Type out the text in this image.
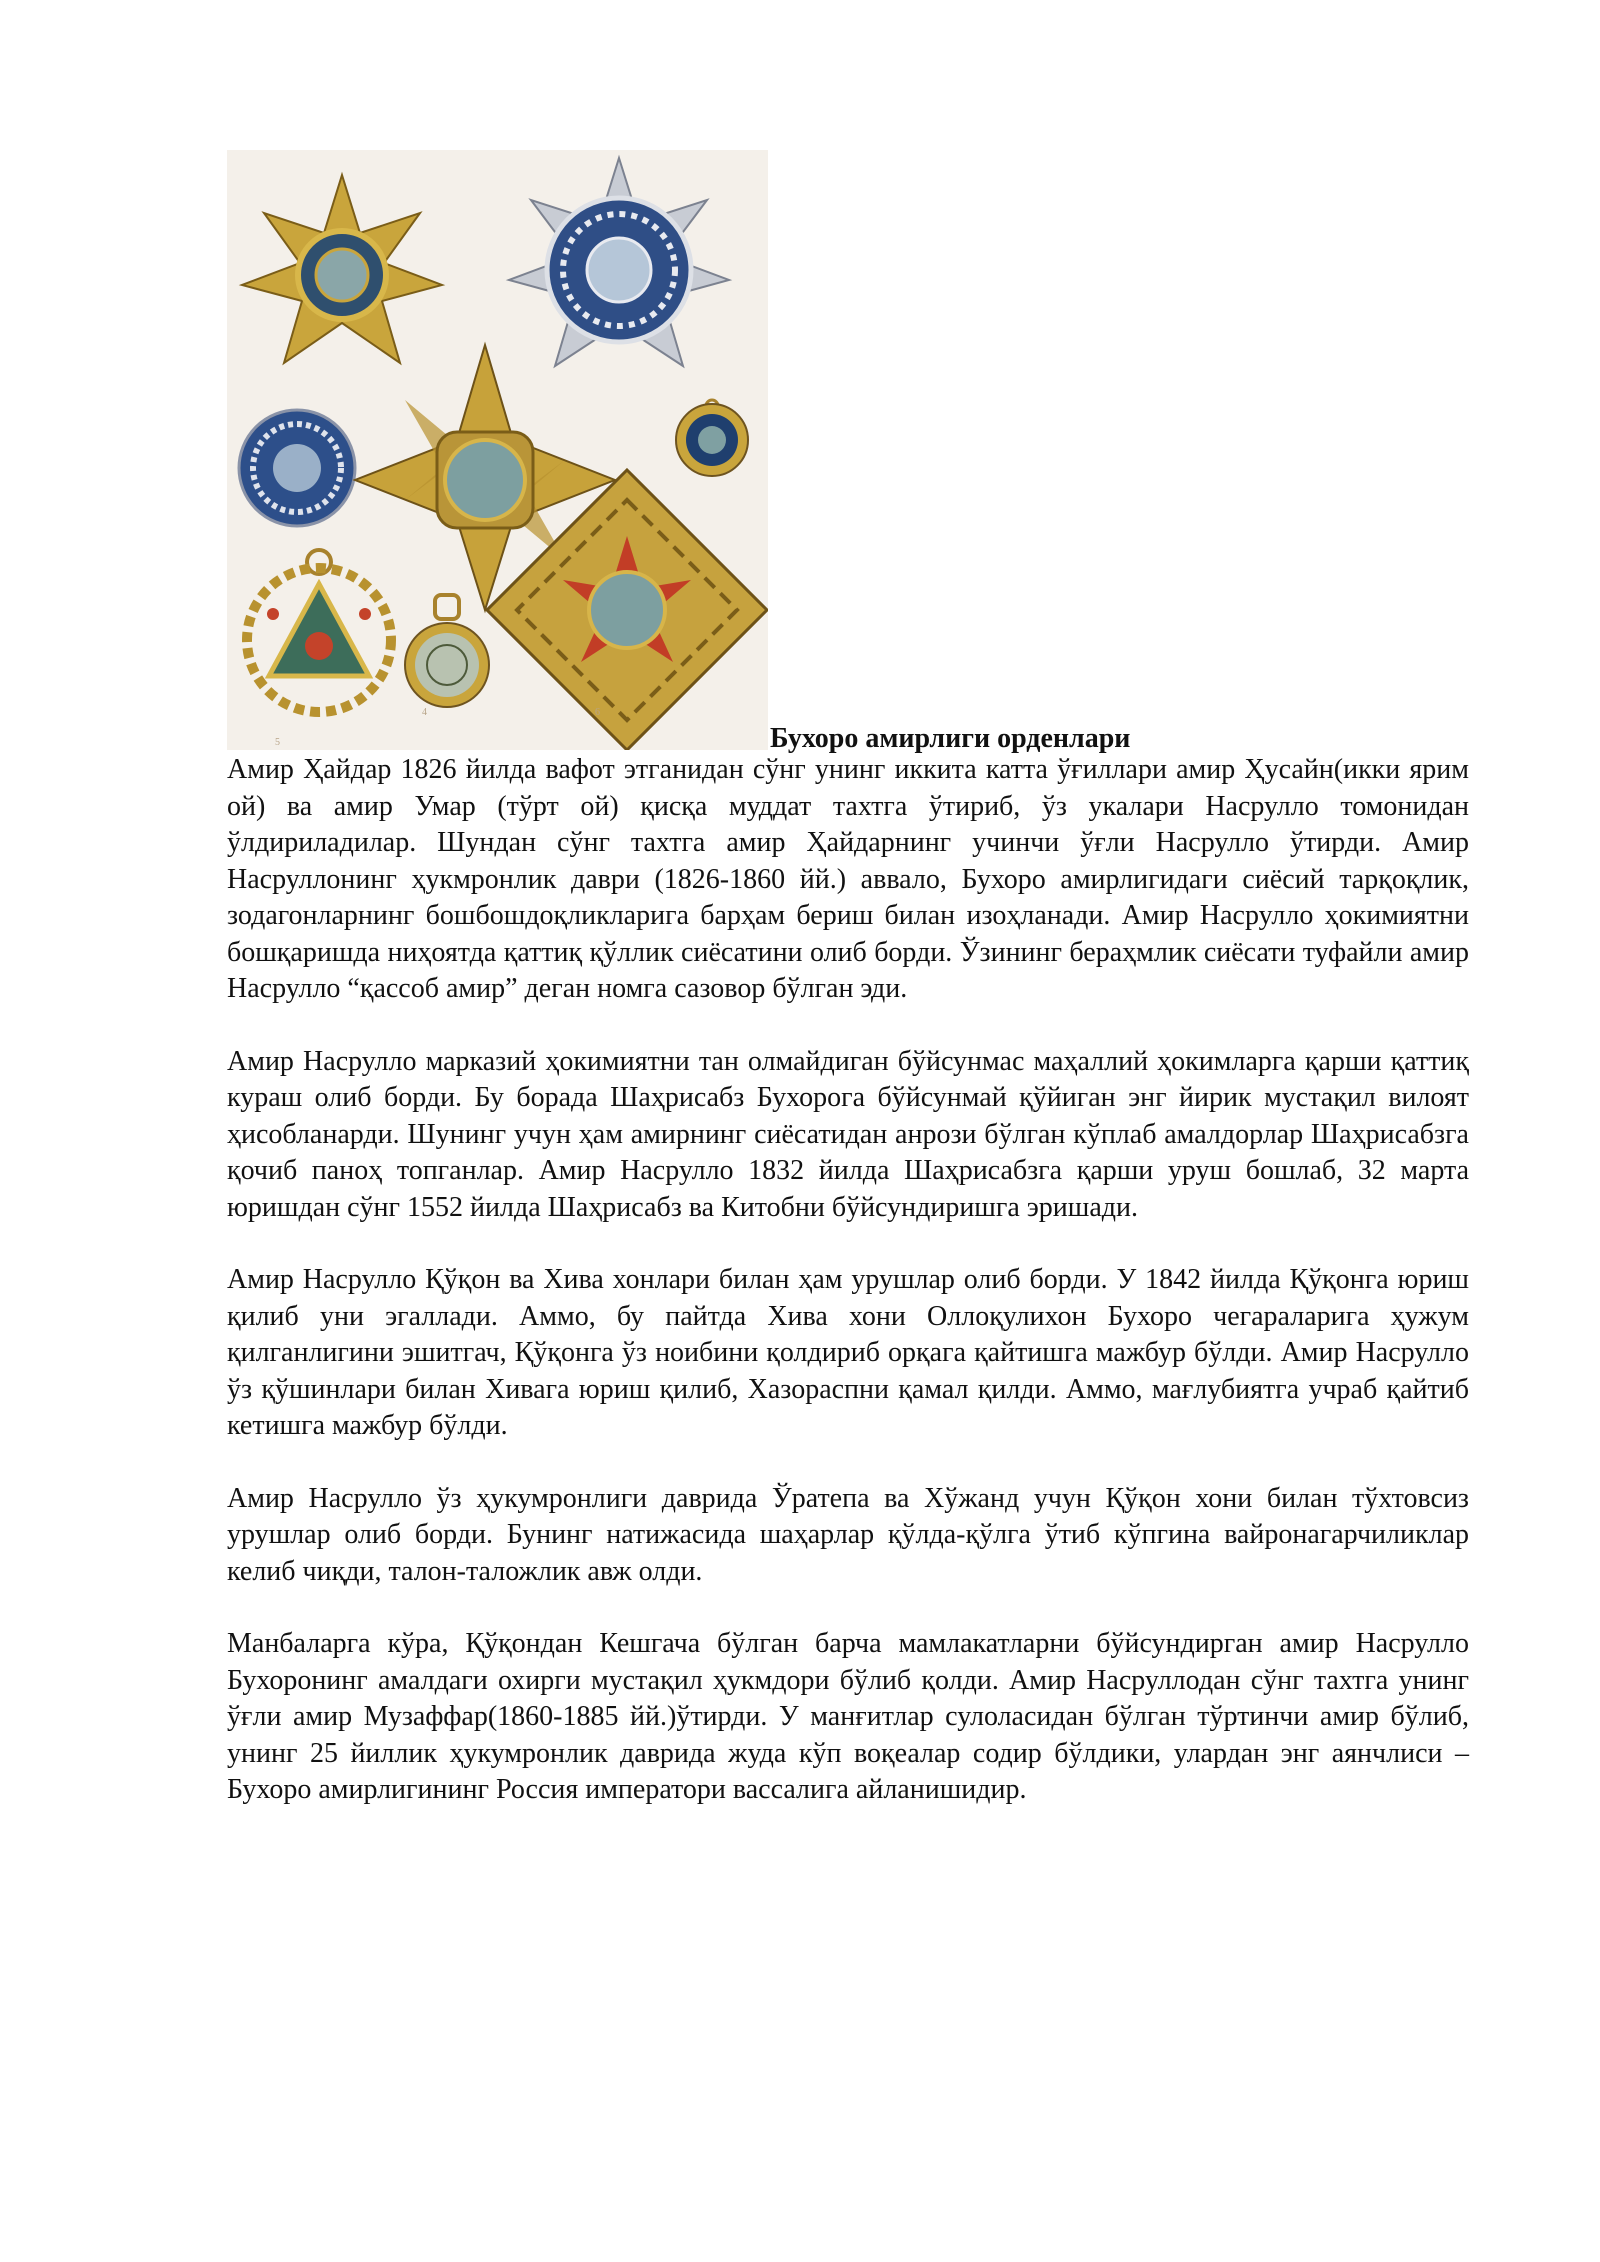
5
4	6
Бухоро амирлиги орденлари

Амир Ҳайдар 1826 йилда вафот этганидан сўнг унинг иккита катта ўғиллари амир Ҳусайн(икки ярим ой) ва амир Умар (тўрт ой) қисқа муддат тахтга ўтириб, ўз укалари Насрулло томонидан ўлдириладилар. Шундан сўнг тахтга амир Ҳайдарнинг учинчи ўғли Насрулло ўтирди. Амир Насруллонинг ҳукмронлик даври (1826-1860 йй.) аввало, Бухоро амирлигидаги сиёсий тарқоқлик, зодагонларнинг бошбошдоқликларига барҳам бериш билан изоҳланади. Амир Насрулло ҳокимиятни бошқаришда ниҳоятда қаттиқ қўллик сиёсатини олиб борди. Ўзининг бераҳмлик сиёсати туфайли амир Насрулло “қассоб амир” деган номга сазовор бўлган эди.

Амир Насрулло марказий ҳокимиятни тан олмайдиган бўйсунмас маҳаллий ҳокимларга қарши қаттиқ кураш олиб борди. Бу борада Шаҳрисабз Бухорога бўйсунмай қўйиган энг йирик мустақил вилоят ҳисобланарди. Шунинг учун ҳам амирнинг сиёсатидан анрози бўлган кўплаб амалдорлар Шаҳрисабзга қочиб паноҳ топганлар. Амир Насрулло 1832 йилда Шаҳрисабзга қарши уруш бошлаб, 32 марта юришдан сўнг 1552 йилда Шаҳрисабз ва Китобни бўйсундиришга эришади.

Амир Насрулло Қўқон ва Хива хонлари билан ҳам урушлар олиб борди. У 1842 йилда Қўқонга юриш қилиб уни эгаллади. Аммо, бу пайтда Хива хони Оллоқулихон Бухоро чегараларига ҳужум қилганлигини эшитгач, Қўқонга ўз ноибини қолдириб орқага қайтишга мажбур бўлди. Амир Насрулло ўз қўшинлари билан Хивага юриш қилиб, Хазораспни қамал қилди. Аммо, мағлубиятга учраб қайтиб кетишга мажбур бўлди.

Амир Насрулло ўз ҳукумронлиги даврида Ўратепа ва Хўжанд учун Қўқон хони билан тўхтовсиз урушлар олиб борди. Бунинг натижасида шаҳарлар қўлда-қўлга ўтиб кўпгина вайронагарчиликлар келиб чиқди, талон-таложлик авж олди.

Манбаларга кўра, Қўқондан Кешгача бўлган барча мамлакатларни бўйсундирган амир Насрулло Бухоронинг амалдаги охирги мустақил ҳукмдори бўлиб қолди. Амир Насруллодан сўнг тахтга унинг ўғли амир Музаффар(1860-1885 йй.)ўтирди. У манғитлар сулоласидан бўлган тўртинчи амир бўлиб, унинг 25 йиллик ҳукумронлик даврида жуда кўп воқеалар содир бўлдики, улардан энг аянчлиси – Бухоро амирлигининг Россия императори вассалига айланишидир.
